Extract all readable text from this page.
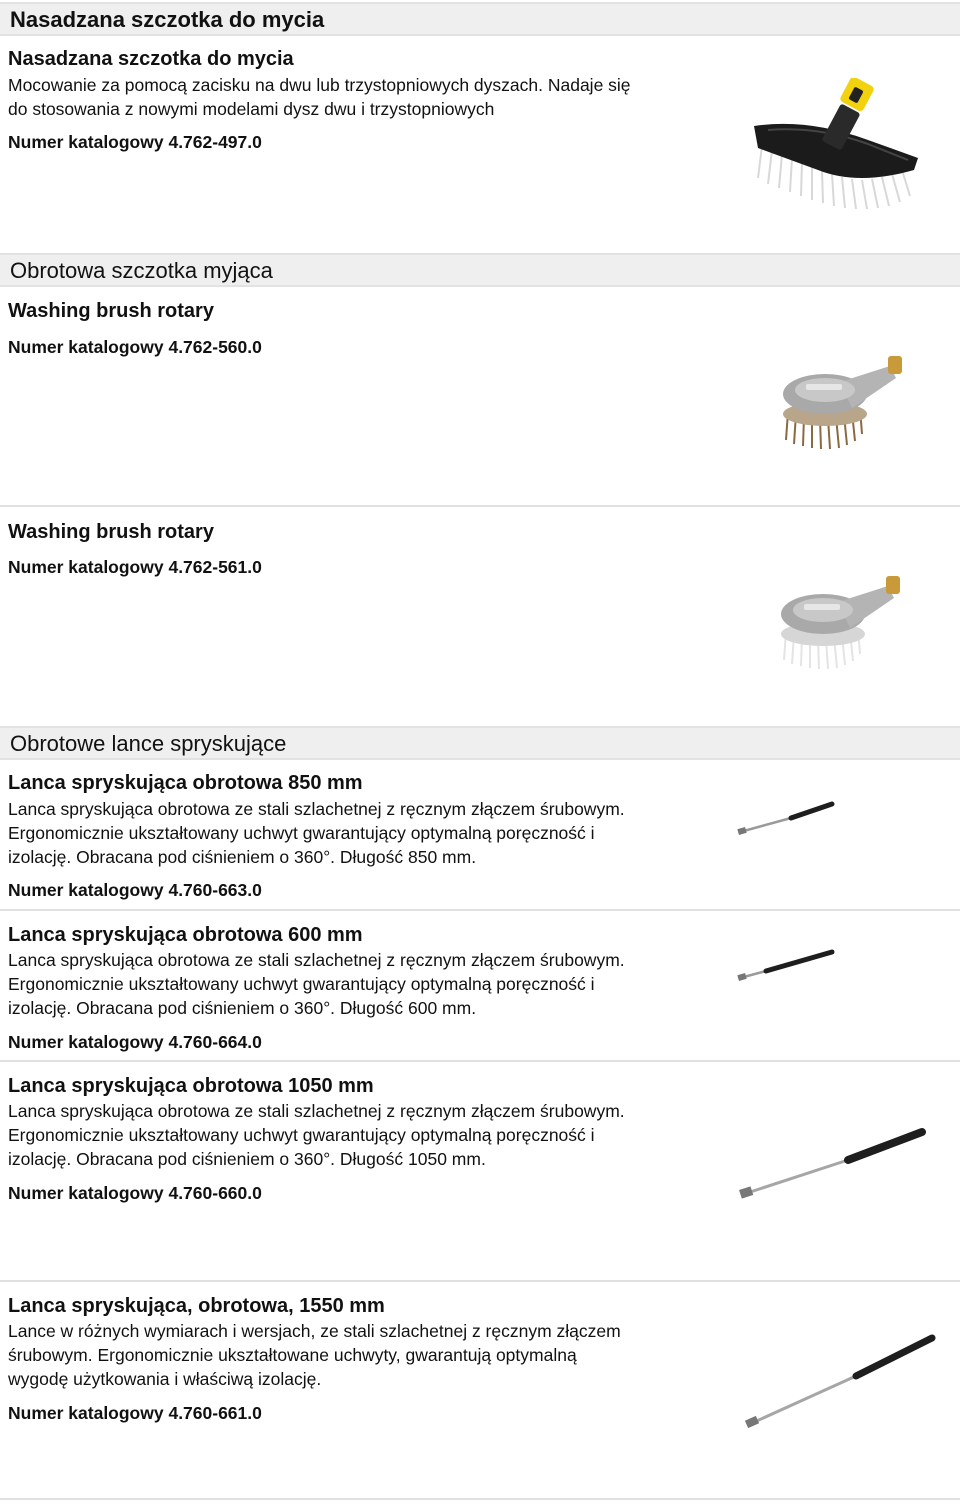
Nasadzana szczotka do mycia
Nasadzana szczotka do mycia
Mocowanie za pomocą zacisku na dwu lub trzystopniowych dyszach. Nadaje się
do stosowania z nowymi modelami dysz dwu i trzystopniowych
Numer katalogowy 4.762-497.0
Obrotowa szczotka myjąca
Washing brush rotary
Numer katalogowy 4.762-560.0
Washing brush rotary
Numer katalogowy 4.762-561.0
Obrotowe lance spryskujące
Lanca spryskująca obrotowa 850 mm
Lanca spryskująca obrotowa ze stali szlachetnej z ręcznym złączem śrubowym.
Ergonomicznie ukształtowany uchwyt gwarantujący optymalną poręczność i
izolację. Obracana pod ciśnieniem o 360°. Długość 850 mm.
Numer katalogowy 4.760-663.0
Lanca spryskująca obrotowa 600 mm
Lanca spryskująca obrotowa ze stali szlachetnej z ręcznym złączem śrubowym.
Ergonomicznie ukształtowany uchwyt gwarantujący optymalną poręczność i
izolację. Obracana pod ciśnieniem o 360°. Długość 600 mm.
Numer katalogowy 4.760-664.0
Lanca spryskująca obrotowa 1050 mm
Lanca spryskująca obrotowa ze stali szlachetnej z ręcznym złączem śrubowym.
Ergonomicznie ukształtowany uchwyt gwarantujący optymalną poręczność i
izolację. Obracana pod ciśnieniem o 360°. Długość 1050 mm.
Numer katalogowy 4.760-660.0
Lanca spryskująca, obrotowa, 1550 mm
Lance w różnych wymiarach i wersjach, ze stali szlachetnej z ręcznym złączem
śrubowym. Ergonomicznie ukształtowane uchwyty, gwarantują optymalną
wygodę użytkowania i właściwą izolację.
Numer katalogowy 4.760-661.0
